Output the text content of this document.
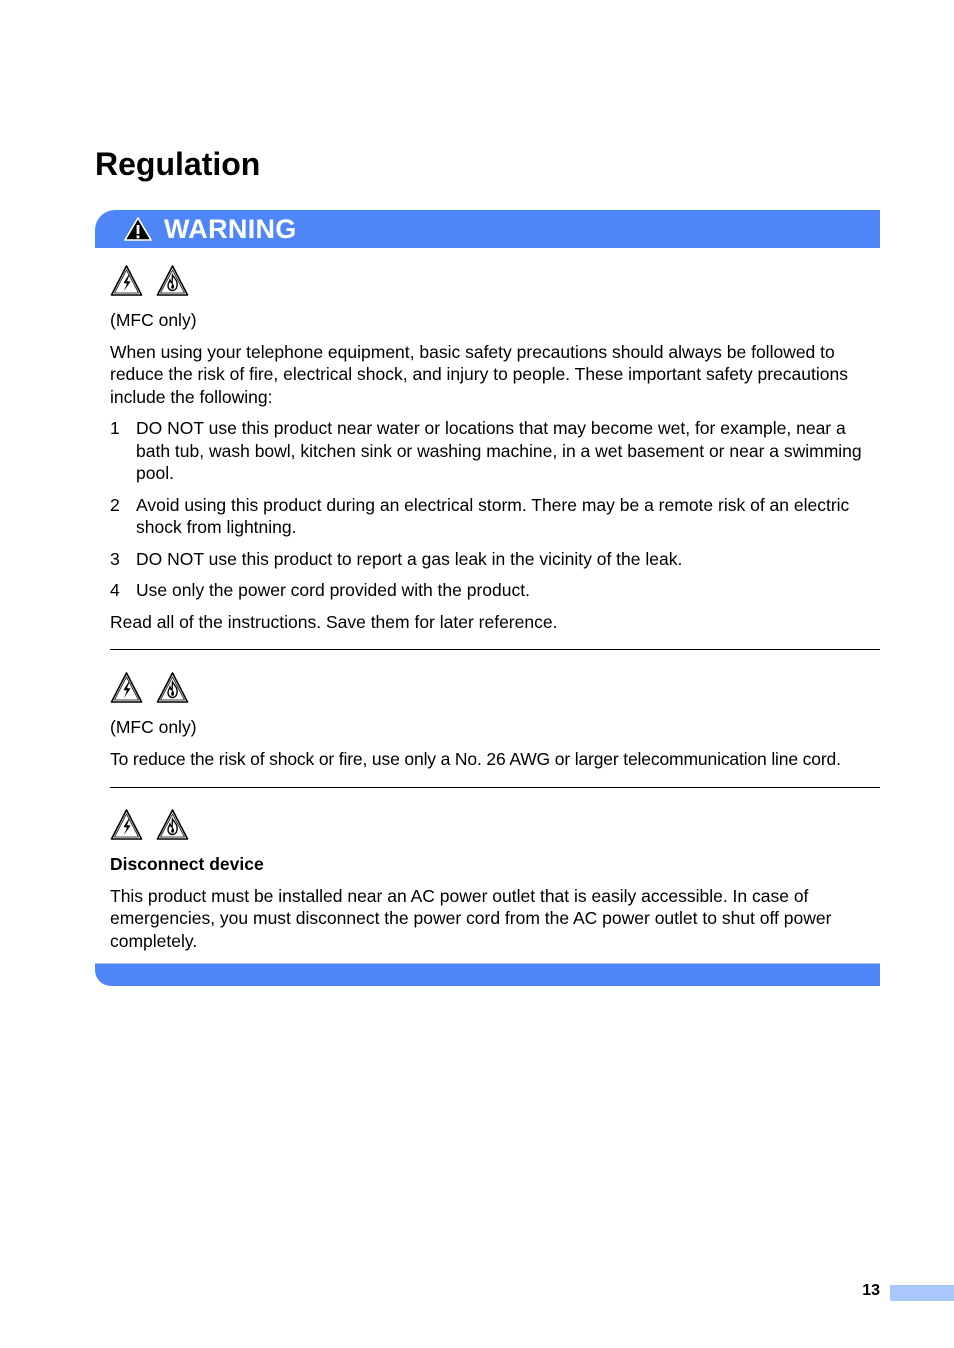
Regulation
WARNING

(MFC only)

When using your telephone equipment, basic safety precautions should always be followed to reduce the risk of fire, electrical shock, and injury to people. These important safety precautions include the following:

1 DO NOT use this product near water or locations that may become wet, for example, near a bath tub, wash bowl, kitchen sink or washing machine, in a wet basement or near a swimming pool.
2 Avoid using this product during an electrical storm. There may be a remote risk of an electric shock from lightning.
3 DO NOT use this product to report a gas leak in the vicinity of the leak.
4 Use only the power cord provided with the product.

Read all of the instructions. Save them for later reference.

(MFC only)

To reduce the risk of shock or fire, use only a No. 26 AWG or larger telecommunication line cord.

Disconnect device

This product must be installed near an AC power outlet that is easily accessible. In case of emergencies, you must disconnect the power cord from the AC power outlet to shut off power completely.

13
